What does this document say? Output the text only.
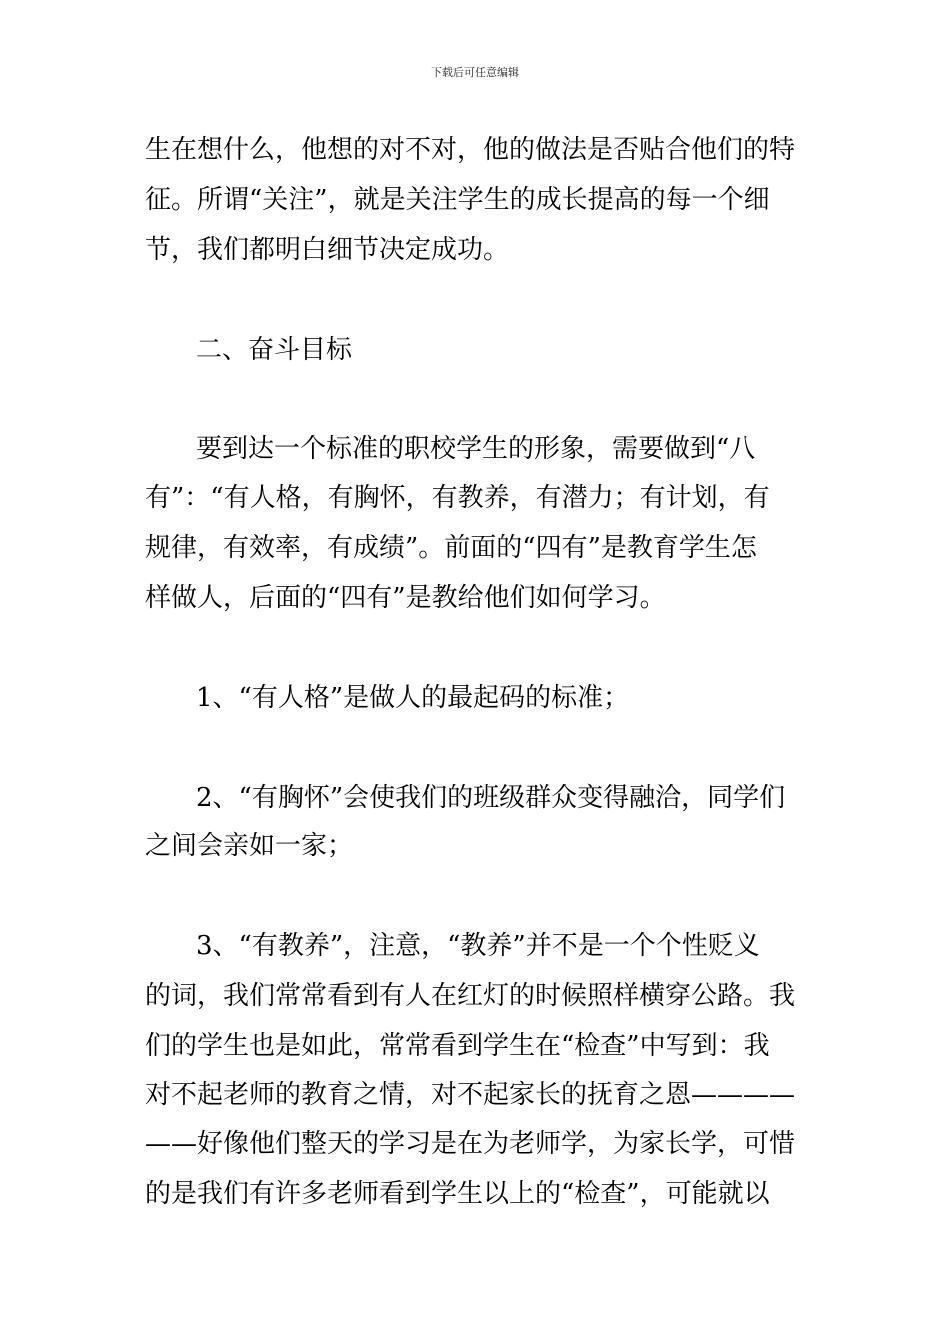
下载后可任意编辑
生在想什么，他想的对不对，他的做法是否贴合他们的特
征。所谓“关注”，就是关注学生的成长提高的每一个细
节，我们都明白细节决定成功。
二、奋斗目标
要到达一个标准的职校学生的形象，需要做到“八
有”：“有人格，有胸怀，有教养，有潜力；有计划，有
规律，有效率，有成绩”。前面的“四有”是教育学生怎
样做人，后面的“四有”是教给他们如何学习。
1、“有人格”是做人的最起码的标准；
2、“有胸怀”会使我们的班级群众变得融洽，同学们
之间会亲如一家；
3、“有教养”，注意，“教养”并不是一个个性贬义
的词，我们常常看到有人在红灯的时候照样横穿公路。我
们的学生也是如此，常常看到学生在“检查”中写到：我
对不起老师的教育之情，对不起家长的抚育之恩————
——好像他们整天的学习是在为老师学，为家长学，可惜
的是我们有许多老师看到学生以上的“检查”，可能就以
